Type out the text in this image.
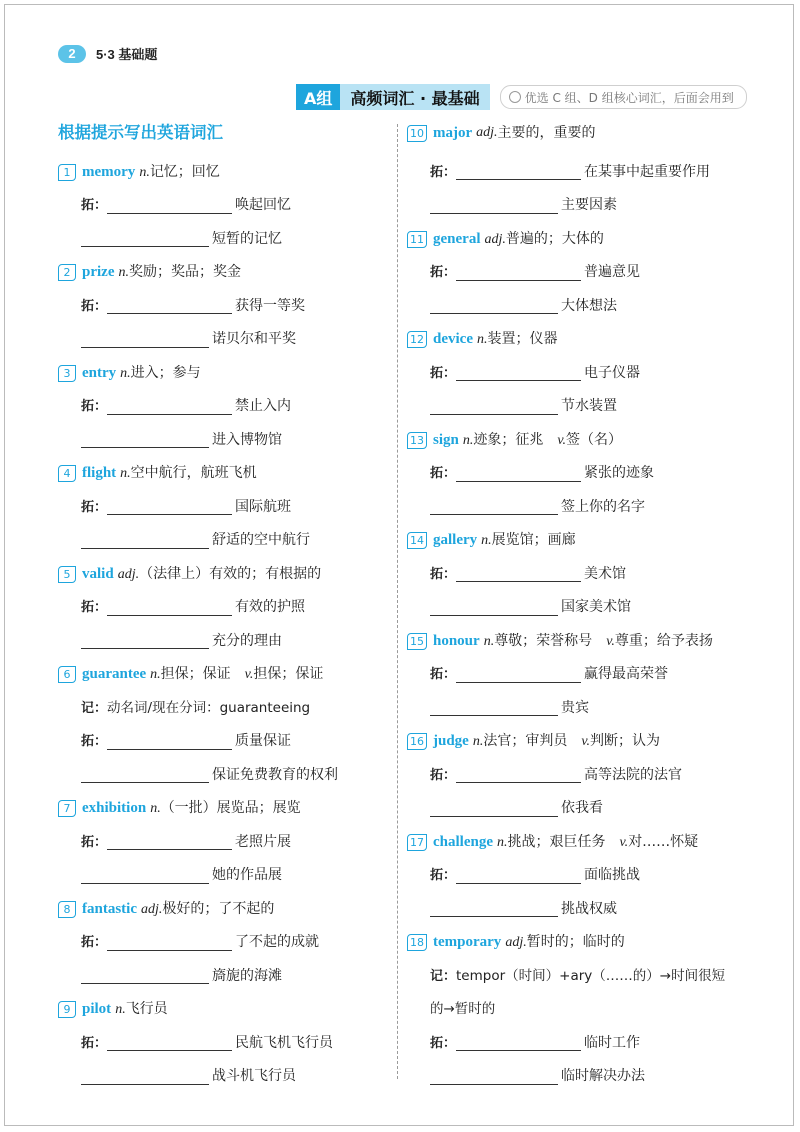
2	5·3 基础题
A组	高频词汇 · 最基础	优选 C 组、D 组核心词汇，后面会用到
根据提示写出英语词汇
1 memory n. 记忆；回忆
拓：	唤起回忆
短暂的记忆
2 prize n. 奖励；奖品；奖金
拓：	获得一等奖
诺贝尔和平奖
3 entry n. 进入；参与
拓：	禁止入内
进入博物馆
4 flight n. 空中航行，航班飞机
拓：	国际航班
舒适的空中航行
5 valid adj. （法律上）有效的；有根据的
拓：	有效的护照
充分的理由
6 guarantee n. 担保；保证 v. 担保；保证
记：动名词/现在分词：guaranteeing
拓：	质量保证
保证免费教育的权利
7 exhibition n. （一批）展览品；展览
拓：	老照片展
她的作品展
8 fantastic adj. 极好的；了不起的
拓：	了不起的成就
旖旎的海滩
9 pilot n. 飞行员
拓：	民航飞机飞行员
战斗机飞行员
10 major adj. 主要的，重要的
拓：	在某事中起重要作用
主要因素
11 general adj. 普遍的；大体的
拓：	普遍意见
大体想法
12 device n. 装置；仪器
拓：	电子仪器
节水装置
13 sign n. 迹象；征兆 v. 签（名）
拓：	紧张的迹象
签上你的名字
14 gallery n. 展览馆；画廊
拓：	美术馆
国家美术馆
15 honour n. 尊敬；荣誉称号 v. 尊重；给予表扬
拓：	赢得最高荣誉
贵宾
16 judge n. 法官；审判员 v. 判断；认为
拓：	高等法院的法官
依我看
17 challenge n. 挑战；艰巨任务 v. 对……怀疑
拓：	面临挑战
挑战权威
18 temporary adj. 暂时的；临时的
记：tempor（时间）+ary（……的）→时间很短
的→暂时的
拓：	临时工作
临时解决办法
